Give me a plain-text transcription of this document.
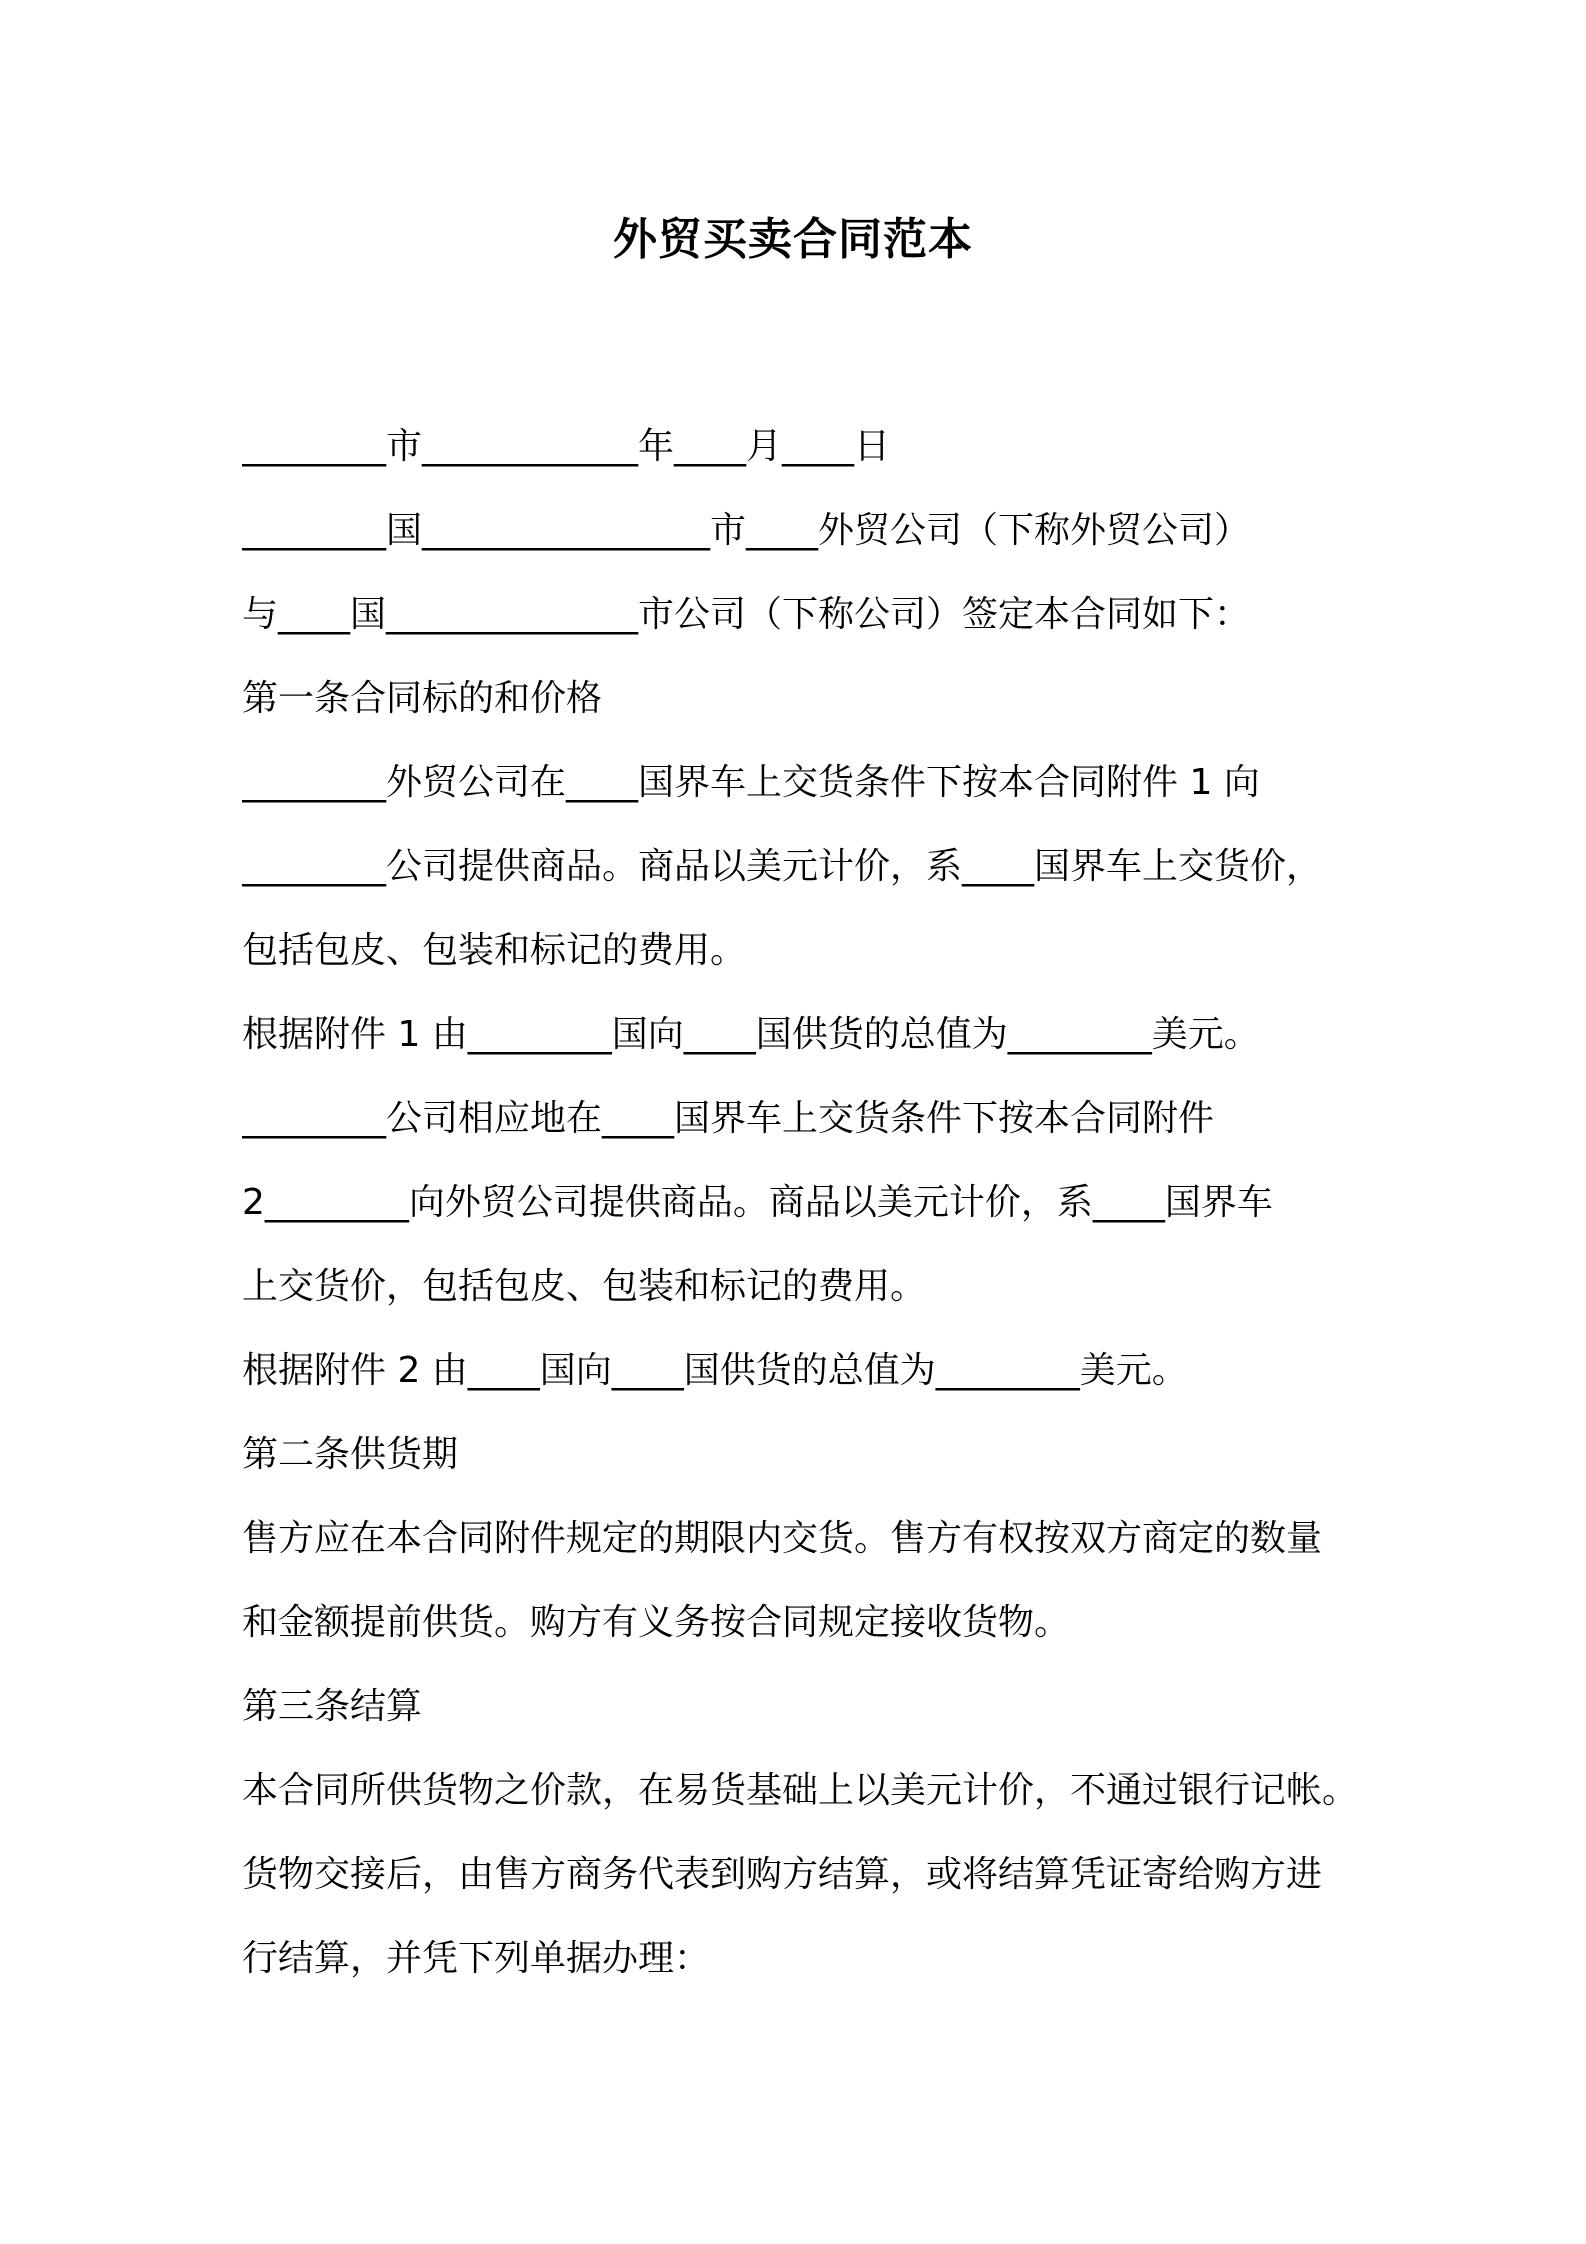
外贸买卖合同范本
________市____________年____月____日
________国________________市____外贸公司（下称外贸公司）
与____国______________市公司（下称公司）签定本合同如下：
第一条合同标的和价格
________外贸公司在____国界车上交货条件下按本合同附件 1 向
________公司提供商品。商品以美元计价，系____国界车上交货价，
包括包皮、包装和标记的费用。
根据附件 1 由________国向____国供货的总值为________美元。
________公司相应地在____国界车上交货条件下按本合同附件
2________向外贸公司提供商品。商品以美元计价，系____国界车
上交货价，包括包皮、包装和标记的费用。
根据附件 2 由____国向____国供货的总值为________美元。
第二条供货期
售方应在本合同附件规定的期限内交货。售方有权按双方商定的数量
和金额提前供货。购方有义务按合同规定接收货物。
第三条结算
本合同所供货物之价款，在易货基础上以美元计价，不通过银行记帐。
货物交接后，由售方商务代表到购方结算，或将结算凭证寄给购方进
行结算，并凭下列单据办理：
